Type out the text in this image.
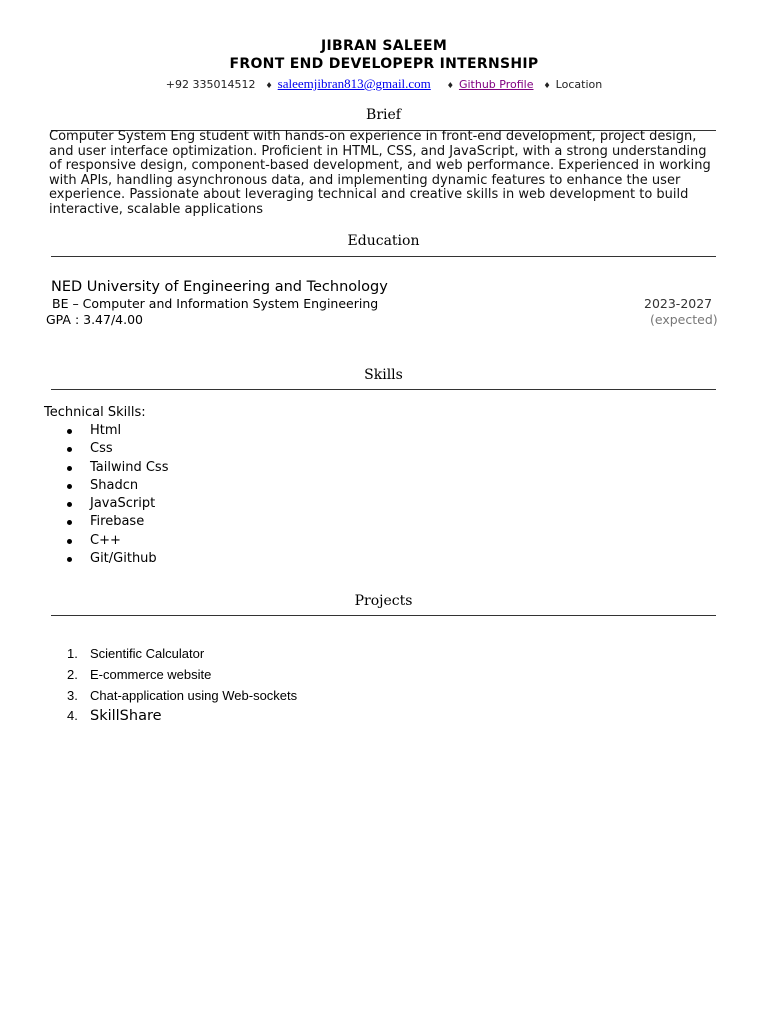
JIBRAN SALEEM
FRONT END DEVELOPEPR INTERNSHIP
+92 335014512 ♦ saleemjibran813@gmail.com ♦ Github Profile ♦ Location
Brief
Computer System Eng student with hands-on experience in front-end development, project design, and user interface optimization. Proficient in HTML, CSS, and JavaScript, with a strong understanding of responsive design, component-based development, and web performance. Experienced in working with APIs, handling asynchronous data, and implementing dynamic features to enhance the user experience. Passionate about leveraging technical and creative skills in web development to build interactive, scalable applications
Education
NED University of Engineering and Technology
BE – Computer and Information System Engineering
GPA : 3.47/4.00
2023-2027
(expected)
Skills
Technical Skills:
Html
Css
Tailwind Css
Shadcn
JavaScript
Firebase
C++
Git/Github
Projects
1. Scientific Calculator
2. E-commerce website
3. Chat-application using Web-sockets
4. SkillShare
